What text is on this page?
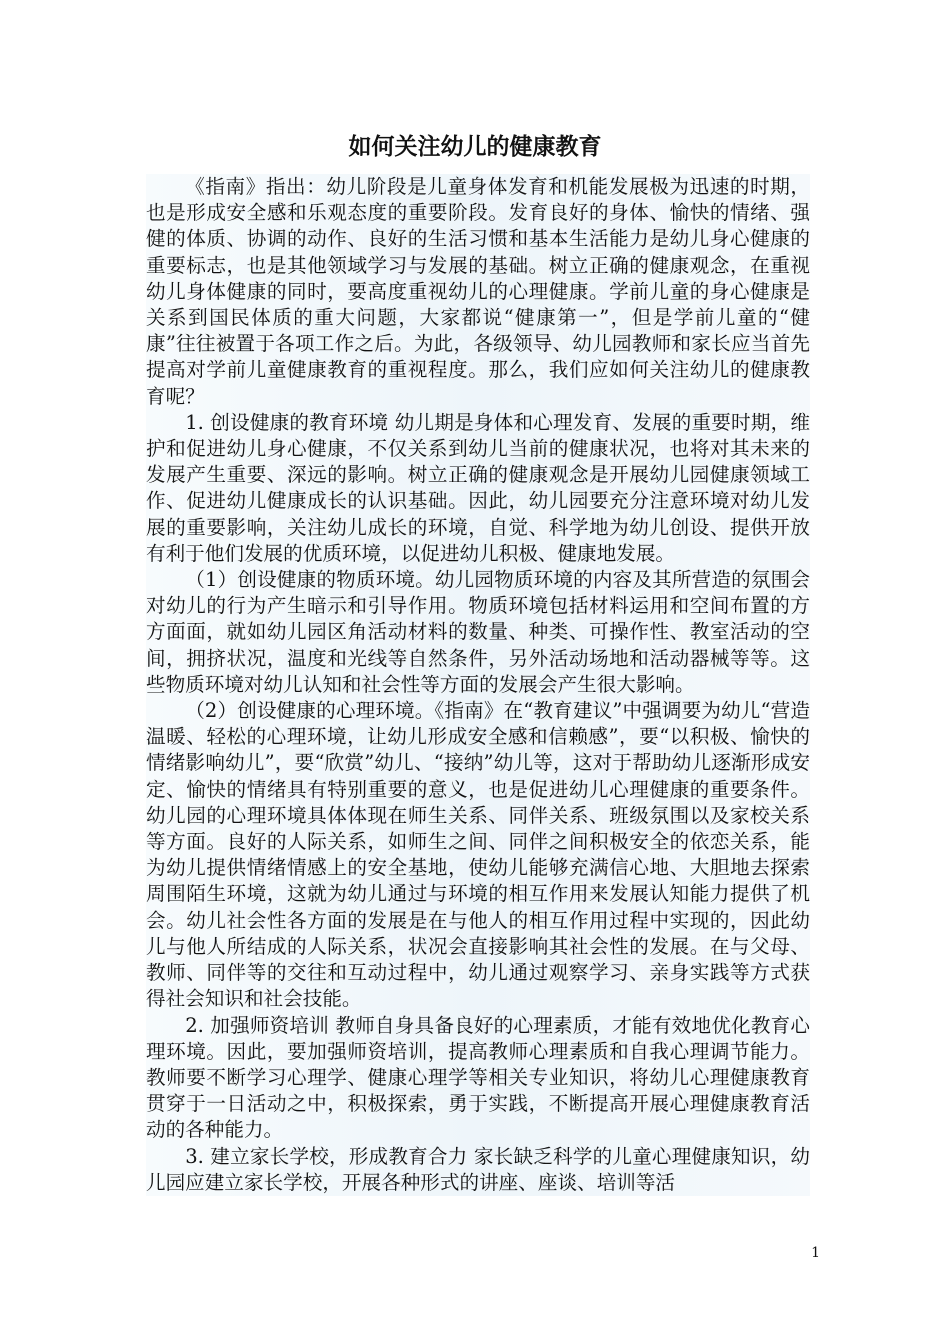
如何关注幼儿的健康教育

《指南》指出：幼儿阶段是儿童身体发育和机能发展极为迅速的时期，也是形成安全感和乐观态度的重要阶段。发育良好的身体、愉快的情绪、强健的体质、协调的动作、良好的生活习惯和基本生活能力是幼儿身心健康的重要标志，也是其他领域学习与发展的基础。树立正确的健康观念，在重视幼儿身体健康的同时，要高度重视幼儿的心理健康。学前儿童的身心健康是关系到国民体质的重大问题，大家都说“健康第一”，但是学前儿童的“健康”往往被置于各项工作之后。为此，各级领导、幼儿园教师和家长应当首先提高对学前儿童健康教育的重视程度。那么，我们应如何关注幼儿的健康教育呢？

1. 创设健康的教育环境 幼儿期是身体和心理发育、发展的重要时期，维护和促进幼儿身心健康，不仅关系到幼儿当前的健康状况，也将对其未来的发展产生重要、深远的影响。树立正确的健康观念是开展幼儿园健康领域工作、促进幼儿健康成长的认识基础。因此，幼儿园要充分注意环境对幼儿发展的重要影响，关注幼儿成长的环境，自觉、科学地为幼儿创设、提供开放有利于他们发展的优质环境，以促进幼儿积极、健康地发展。

（1）创设健康的物质环境。幼儿园物质环境的内容及其所营造的氛围会对幼儿的行为产生暗示和引导作用。物质环境包括材料运用和空间布置的方方面面，就如幼儿园区角活动材料的数量、种类、可操作性、教室活动的空间，拥挤状况，温度和光线等自然条件，另外活动场地和活动器械等等。这些物质环境对幼儿认知和社会性等方面的发展会产生很大影响。

（2）创设健康的心理环境。《指南》在“教育建议”中强调要为幼儿“营造温暖、轻松的心理环境，让幼儿形成安全感和信赖感”，要“以积极、愉快的情绪影响幼儿”，要“欣赏”幼儿、“接纳”幼儿等，这对于帮助幼儿逐渐形成安定、愉快的情绪具有特别重要的意义，也是促进幼儿心理健康的重要条件。幼儿园的心理环境具体体现在师生关系、同伴关系、班级氛围以及家校关系等方面。良好的人际关系，如师生之间、同伴之间积极安全的依恋关系，能为幼儿提供情绪情感上的安全基地，使幼儿能够充满信心地、大胆地去探索周围陌生环境，这就为幼儿通过与环境的相互作用来发展认知能力提供了机会。幼儿社会性各方面的发展是在与他人的相互作用过程中实现的，因此幼儿与他人所结成的人际关系，状况会直接影响其社会性的发展。在与父母、教师、同伴等的交往和互动过程中，幼儿通过观察学习、亲身实践等方式获得社会知识和社会技能。

2. 加强师资培训 教师自身具备良好的心理素质，才能有效地优化教育心理环境。因此，要加强师资培训，提高教师心理素质和自我心理调节能力。教师要不断学习心理学、健康心理学等相关专业知识，将幼儿心理健康教育贯穿于一日活动之中，积极探索，勇于实践，不断提高开展心理健康教育活动的各种能力。

3. 建立家长学校，形成教育合力 家长缺乏科学的儿童心理健康知识，幼儿园应建立家长学校，开展各种形式的讲座、座谈、培训等活

1
